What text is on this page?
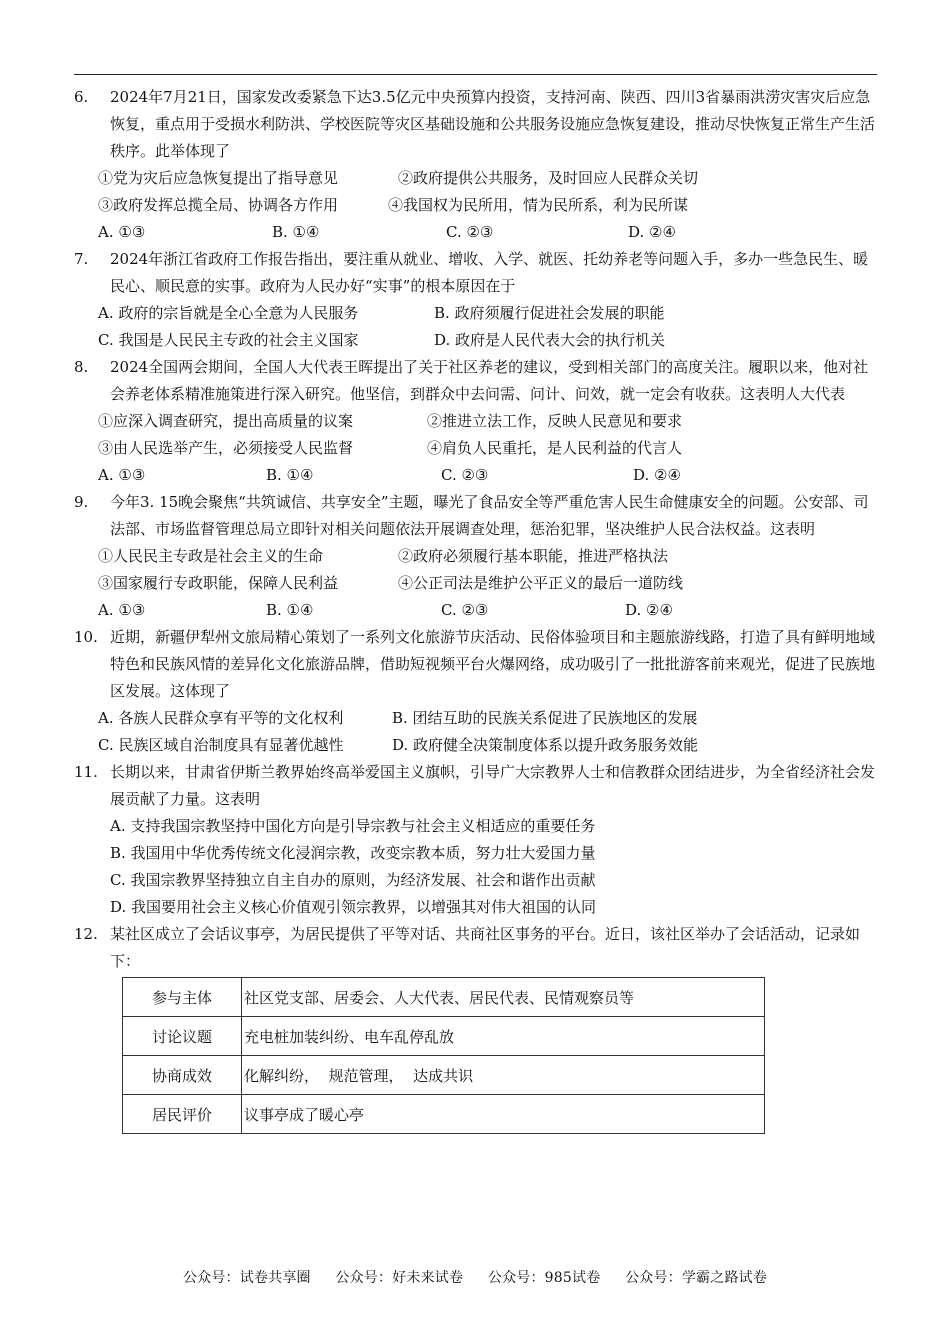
6. 2024年7月21日，国家发改委紧急下达3.5亿元中央预算内投资，支持河南、陕西、四川3省暴雨洪涝灾害灾后应急恢复，重点用于受损水利防洪、学校医院等灾区基础设施和公共服务设施应急恢复建设，推动尽快恢复正常生产生活秩序。此举体现了

①党为灾后应急恢复提出了指导意见	②政府提供公共服务，及时回应人民群众关切
③政府发挥总揽全局、协调各方作用	④我国权为民所用，情为民所系，利为民所谋
A. ①③	B. ①④	C. ②③	D. ②④

7. 2024年浙江省政府工作报告指出，要注重从就业、增收、入学、就医、托幼养老等问题入手，多办一些急民生、暖民心、顺民意的实事。政府为人民办好“实事”的根本原因在于

A. 政府的宗旨就是全心全意为人民服务	B. 政府须履行促进社会发展的职能
C. 我国是人民民主专政的社会主义国家	D. 政府是人民代表大会的执行机关

8. 2024全国两会期间，全国人大代表王晖提出了关于社区养老的建议，受到相关部门的高度关注。履职以来，他对社会养老体系精准施策进行深入研究。他坚信，到群众中去问需、问计、问效，就一定会有收获。这表明人大代表

①应深入调查研究，提出高质量的议案	②推进立法工作，反映人民意见和要求
③由人民选举产生，必须接受人民监督	④肩负人民重托，是人民利益的代言人
A. ①③	B. ①④	C. ②③	D. ②④

9. 今年3. 15晚会聚焦“共筑诚信、共享安全”主题，曝光了食品安全等严重危害人民生命健康安全的问题。公安部、司法部、市场监督管理总局立即针对相关问题依法开展调查处理，惩治犯罪，坚决维护人民合法权益。这表明

①人民民主专政是社会主义的生命	②政府必须履行基本职能，推进严格执法
③国家履行专政职能，保障人民利益	④公正司法是维护公平正义的最后一道防线
A. ①③	B. ①④	C. ②③	D. ②④

10. 近期，新疆伊犁州文旅局精心策划了一系列文化旅游节庆活动、民俗体验项目和主题旅游线路，打造了具有鲜明地域特色和民族风情的差异化文化旅游品牌，借助短视频平台火爆网络，成功吸引了一批批游客前来观光，促进了民族地区发展。这体现了

A. 各族人民群众享有平等的文化权利	B. 团结互助的民族关系促进了民族地区的发展
C. 民族区域自治制度具有显著优越性	D. 政府健全决策制度体系以提升政务服务效能

11. 长期以来，甘肃省伊斯兰教界始终高举爱国主义旗帜，引导广大宗教界人士和信教群众团结进步，为全省经济社会发展贡献了力量。这表明

A. 支持我国宗教坚持中国化方向是引导宗教与社会主义相适应的重要任务
B. 我国用中华优秀传统文化浸润宗教，改变宗教本质，努力壮大爱国力量
C. 我国宗教界坚持独立自主自办的原则，为经济发展、社会和谐作出贡献
D. 我国要用社会主义核心价值观引领宗教界，以增强其对伟大祖国的认同

12. 某社区成立了会话议事亭，为居民提供了平等对话、共商社区事务的平台。近日，该社区举办了会话活动，记录如下：

参与主体	社区党支部、居委会、人大代表、居民代表、民情观察员等
讨论议题	充电桩加装纠纷、电车乱停乱放
协商成效	化解纠纷，  规范管理，  达成共识
居民评价	议事亭成了暖心亭
公众号：试卷共享圈 公众号：好未来试卷 公众号：985试卷 公众号：学霸之路试卷
